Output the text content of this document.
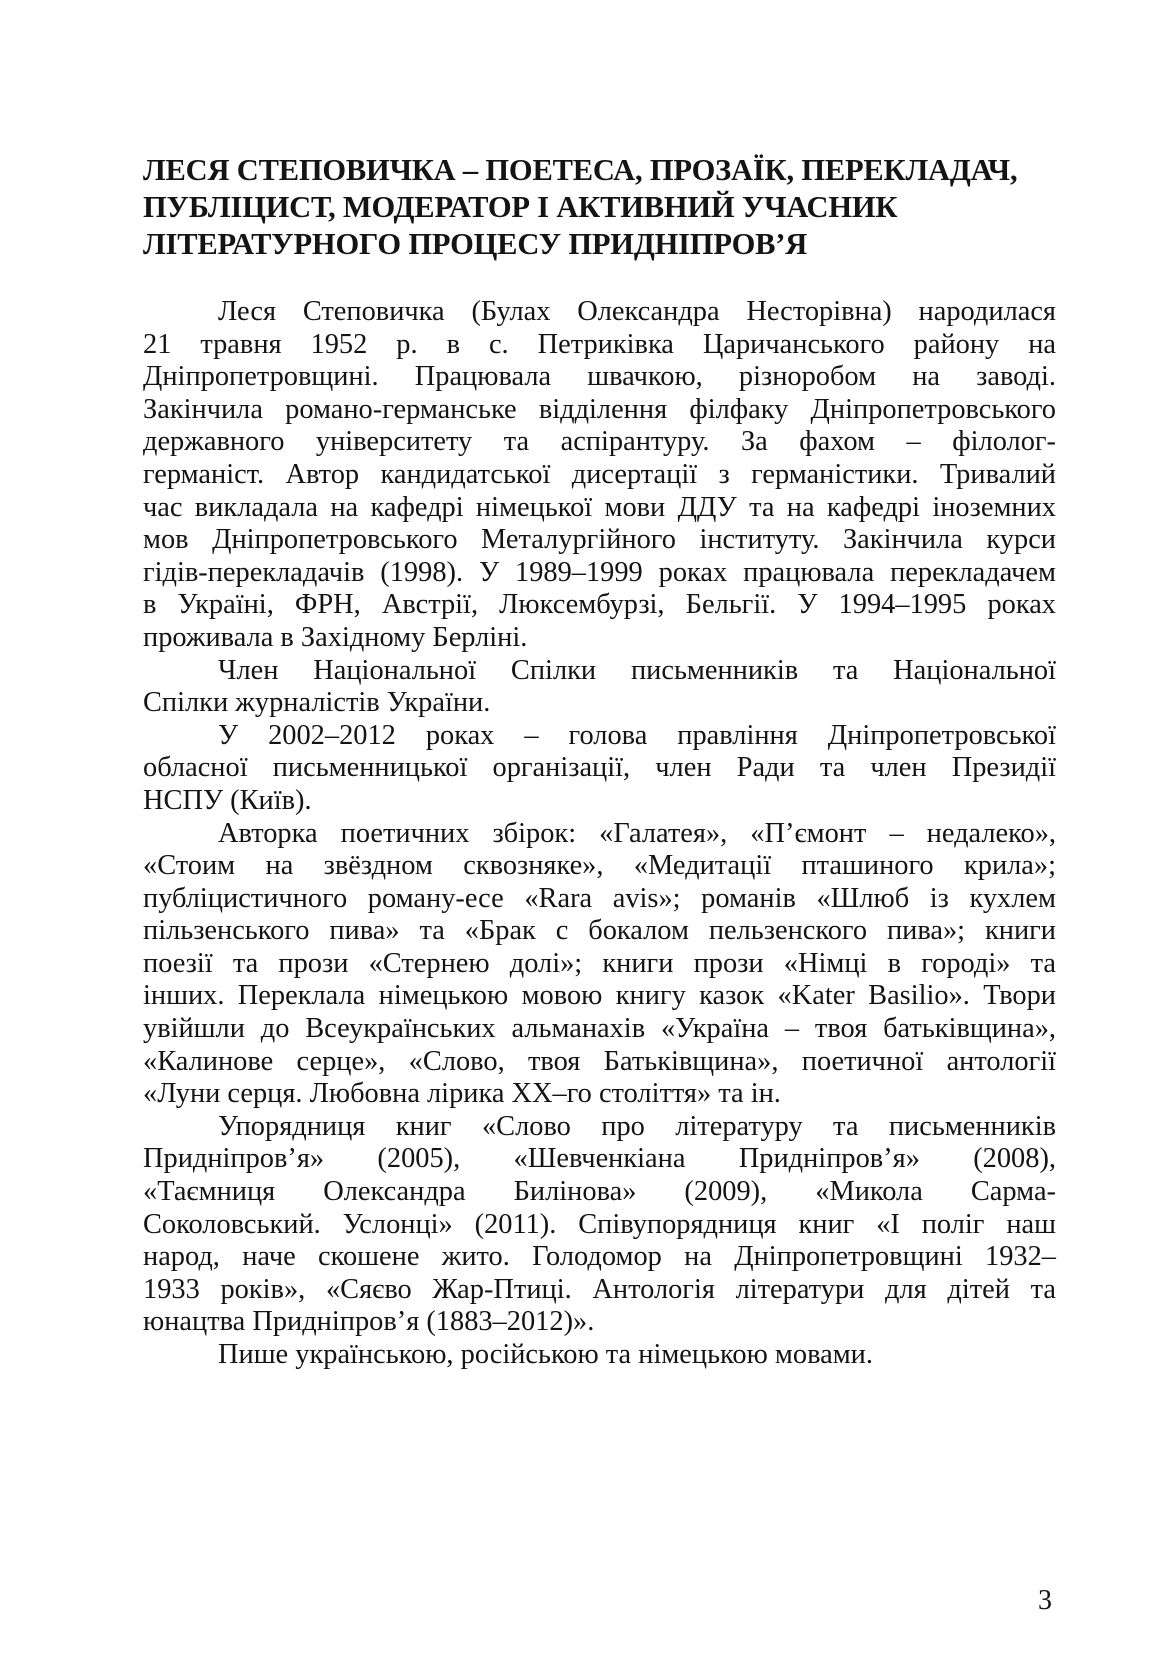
ЛЕСЯ СТЕПОВИЧКА – ПОЕТЕСА, ПРОЗАЇК, ПЕРЕКЛАДАЧ,
ПУБЛІЦИСТ, МОДЕРАТОР І АКТИВНИЙ УЧАСНИК
ЛІТЕРАТУРНОГО ПРОЦЕСУ ПРИДНІПРОВ’Я

Леся Степовичка (Булах Олександра Несторівна) народилася
21 травня 1952 р. в с. Петриківка Царичанського району на
Дніпропетровщині. Працювала швачкою, різноробом на заводі.
Закінчила романо-германське відділення філфаку Дніпропетровського
державного університету та аспірантуру. За фахом – філолог-
германіст. Автор кандидатської дисертації з германістики. Тривалий
час викладала на кафедрі німецької мови ДДУ та на кафедрі іноземних
мов Дніпропетровського Металургійного інституту. Закінчила курси
гідів-перекладачів (1998). У 1989–1999 роках працювала перекладачем
в Україні, ФРН, Австрії, Люксембурзі, Бельгії. У 1994–1995 роках
проживала в Західному Берліні.

Член Національної Спілки письменників та Національної
Спілки журналістів України.

У 2002–2012 роках – голова правління Дніпропетровської
обласної письменницької організації, член Ради та член Президії
НСПУ (Київ).

Авторка поетичних збірок: «Галатея», «П’ємонт – недалеко»,
«Стоим на звёздном сквозняке», «Медитації пташиного крила»;
публіцистичного роману-есе «Rara avis»; романів «Шлюб із кухлем
пільзенського пива» та «Брак с бокалом пельзенского пива»; книги
поезії та прози «Стернею долі»; книги прози «Німці в городі» та
інших. Переклала німецькою мовою книгу казок «Kater Basilio». Твори
увійшли до Всеукраїнських альманахів «Україна – твоя батьківщина»,
«Калинове серце», «Слово, твоя Батьківщина», поетичної антології
«Луни серця. Любовна лірика ХХ–го століття» та ін.

Упорядниця книг «Слово про літературу та письменників
Придніпров’я» (2005), «Шевченкіана Придніпров’я» (2008),
«Таємниця Олександра Билінова» (2009), «Микола Сарма-
Соколовський. Услонці» (2011). Співупорядниця книг «І поліг наш
народ, наче скошене жито. Голодомор на Дніпропетровщині 1932–
1933 років», «Сяєво Жар-Птиці. Антологія літератури для дітей та
юнацтва Придніпров’я (1883–2012)».

Пише українською, російською та німецькою мовами.

3
